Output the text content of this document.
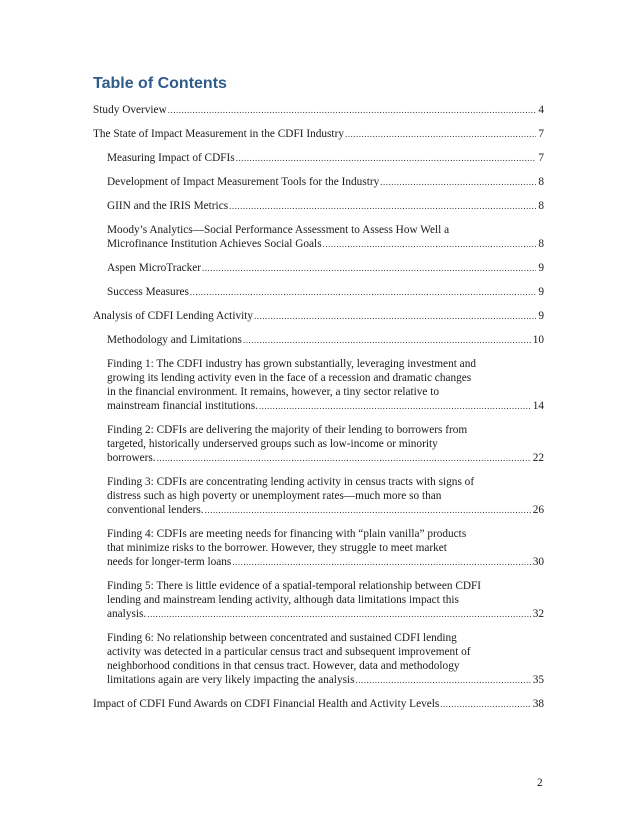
Table of Contents
Study Overview .....	4
The State of Impact Measurement in the CDFI Industry .....	7
Measuring Impact of CDFIs .....	7
Development of Impact Measurement Tools for the Industry .....	8
GIIN and the IRIS Metrics .....	8
Moody’s Analytics—Social Performance Assessment to Assess How Well a
Microfinance Institution Achieves Social Goals .....	8
Aspen MicroTracker .....	9
Success Measures .....	9
Analysis of CDFI Lending Activity .....	9
Methodology and Limitations .....	10
Finding 1: The CDFI industry has grown substantially, leveraging investment and
growing its lending activity even in the face of a recession and dramatic changes
in the financial environment. It remains, however, a tiny sector relative to
mainstream financial institutions. .....	14
Finding 2: CDFIs are delivering the majority of their lending to borrowers from
targeted, historically underserved groups such as low-income or minority
borrowers. .....	22
Finding 3: CDFIs are concentrating lending activity in census tracts with signs of
distress such as high poverty or unemployment rates—much more so than
conventional lenders. .....	26
Finding 4: CDFIs are meeting needs for financing with “plain vanilla” products
that minimize risks to the borrower. However, they struggle to meet market
needs for longer-term loans .....	30
Finding 5: There is little evidence of a spatial-temporal relationship between CDFI
lending and mainstream lending activity, although data limitations impact this
analysis. .....	32
Finding 6: No relationship between concentrated and sustained CDFI lending
activity was detected in a particular census tract and subsequent improvement of
neighborhood conditions in that census tract. However, data and methodology
limitations again are very likely impacting the analysis .....	35
Impact of CDFI Fund Awards on CDFI Financial Health and Activity Levels .....	38
2
